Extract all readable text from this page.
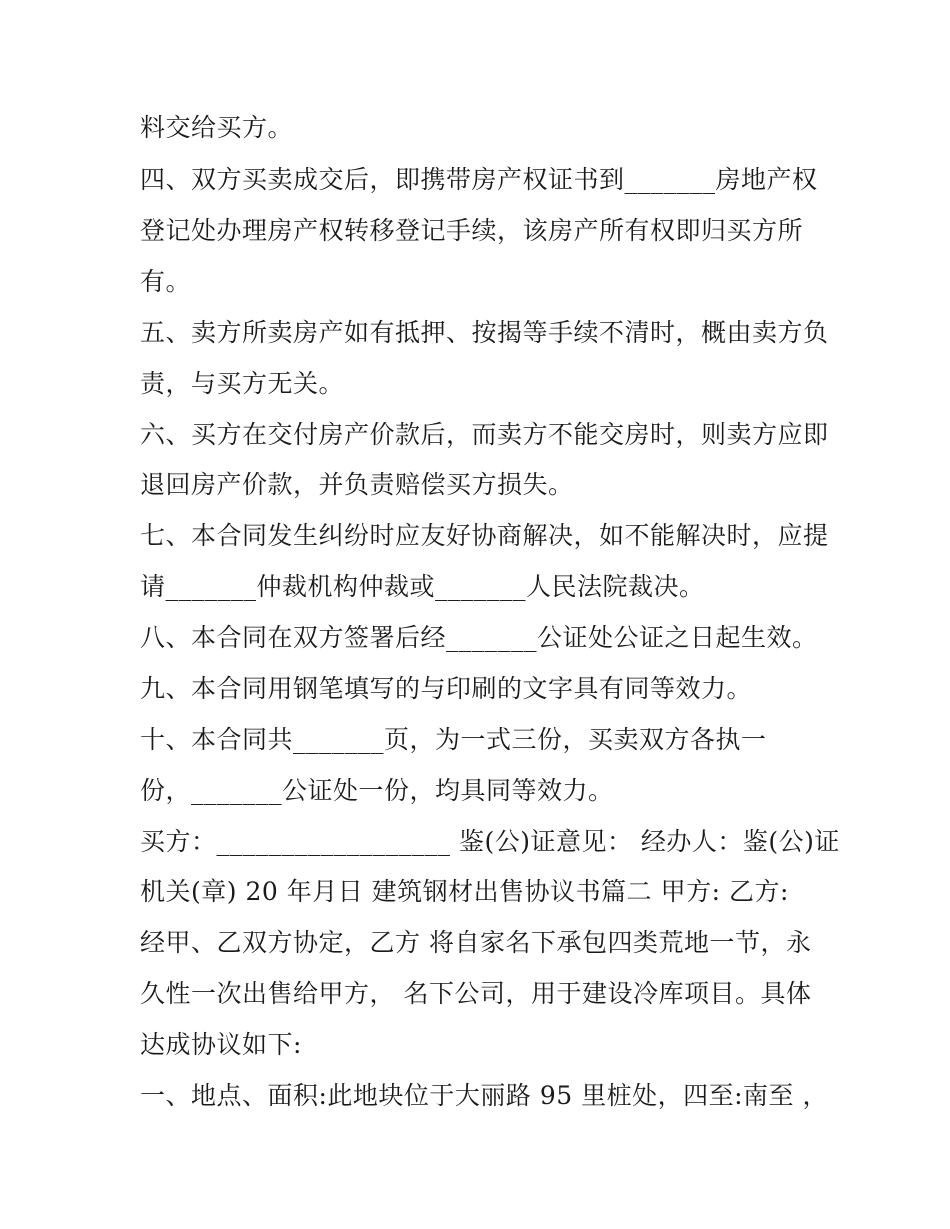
料交给买方。
四、双方买卖成交后，即携带房产权证书到_______房地产权
登记处办理房产权转移登记手续，该房产所有权即归买方所
有。
五、卖方所卖房产如有抵押、按揭等手续不清时，概由卖方负
责，与买方无关。
六、买方在交付房产价款后，而卖方不能交房时，则卖方应即
退回房产价款，并负责赔偿买方损失。
七、本合同发生纠纷时应友好协商解决，如不能解决时，应提
请_______仲裁机构仲裁或_______人民法院裁决。
八、本合同在双方签署后经_______公证处公证之日起生效。
九、本合同用钢笔填写的与印刷的文字具有同等效力。
十、本合同共_______页，为一式三份，买卖双方各执一
份，_______公证处一份，均具同等效力。
买方：__________________ 鉴(公)证意见： 经办人：鉴(公)证
机关(章) 20 年月日 建筑钢材出售协议书篇二 甲方: 乙方:
经甲、乙双方协定，乙方 将自家名下承包四类荒地一节，永
久性一次出售给甲方， 名下公司，用于建设冷库项目。具体
达成协议如下:
一、地点、面积:此地块位于大丽路 95 里桩处，四至:南至 ，
